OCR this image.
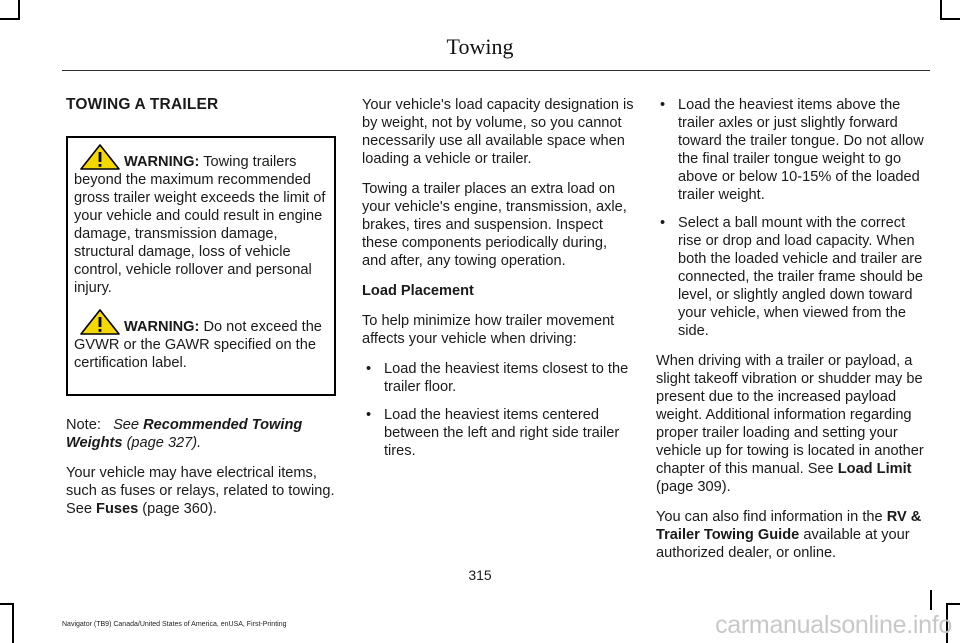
Towing
TOWING A TRAILER

WARNING: Towing trailers beyond the maximum recommended gross trailer weight exceeds the limit of your vehicle and could result in engine damage, transmission damage, structural damage, loss of vehicle control, vehicle rollover and personal injury.

WARNING: Do not exceed the GVWR or the GAWR specified on the certification label.

Note: See Recommended Towing Weights (page 327).

Your vehicle may have electrical items, such as fuses or relays, related to towing. See Fuses (page 360).

Your vehicle's load capacity designation is by weight, not by volume, so you cannot necessarily use all available space when loading a vehicle or trailer.

Towing a trailer places an extra load on your vehicle's engine, transmission, axle, brakes, tires and suspension. Inspect these components periodically during, and after, any towing operation.

Load Placement

To help minimize how trailer movement affects your vehicle when driving:

• Load the heaviest items closest to the trailer floor.
• Load the heaviest items centered between the left and right side trailer tires.
• Load the heaviest items above the trailer axles or just slightly forward toward the trailer tongue. Do not allow the final trailer tongue weight to go above or below 10-15% of the loaded trailer weight.
• Select a ball mount with the correct rise or drop and load capacity. When both the loaded vehicle and trailer are connected, the trailer frame should be level, or slightly angled down toward your vehicle, when viewed from the side.

When driving with a trailer or payload, a slight takeoff vibration or shudder may be present due to the increased payload weight. Additional information regarding proper trailer loading and setting your vehicle up for towing is located in another chapter of this manual. See Load Limit (page 309).

You can also find information in the RV & Trailer Towing Guide available at your authorized dealer, or online.

315
Navigator (TB9) Canada/United States of America, enUSA, First-Printing	carmanualsonline.info
